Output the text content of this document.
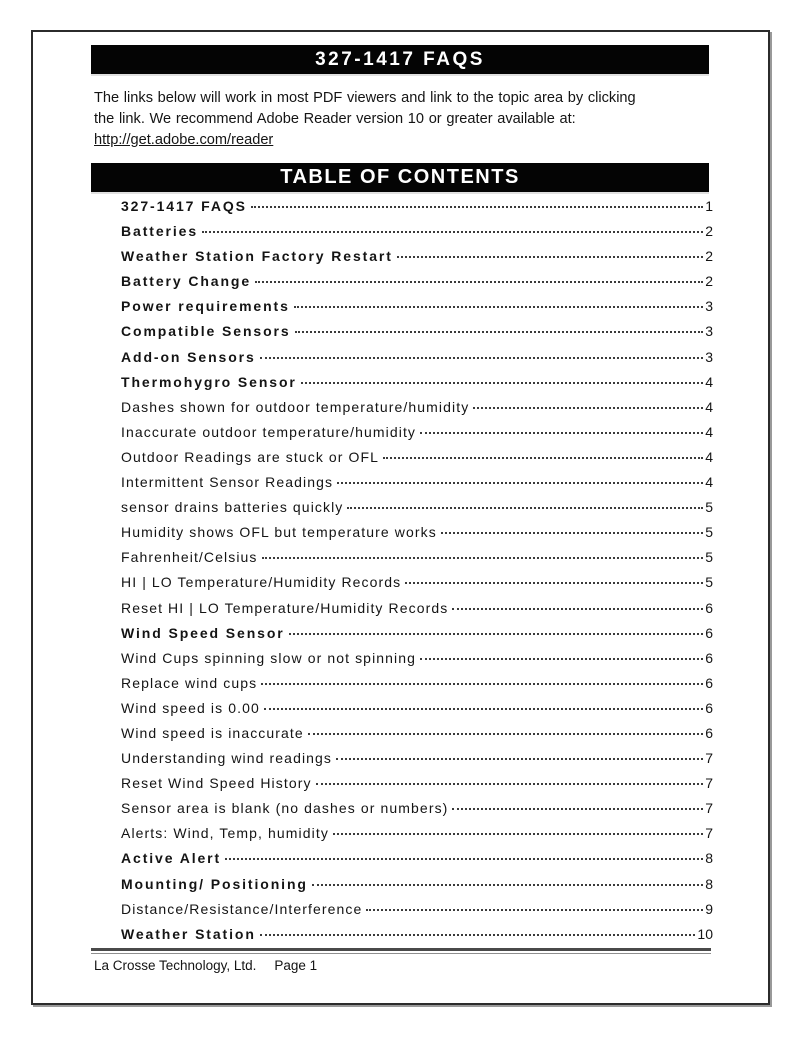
327-1417 FAQS
The links below will work in most PDF viewers and link to the topic area by clicking
the link. We recommend Adobe Reader version 10 or greater available at:
http://get.adobe.com/reader
TABLE OF CONTENTS
327-1417 FAQS	1
Batteries	2
Weather Station Factory Restart	2
Battery Change	2
Power requirements	3
Compatible Sensors	3
Add-on Sensors	3
Thermohygro Sensor	4
Dashes shown for outdoor temperature/humidity	4
Inaccurate outdoor temperature/humidity	4
Outdoor Readings are stuck or OFL	4
Intermittent Sensor Readings	4
sensor drains batteries quickly	5
Humidity shows OFL but temperature works	5
Fahrenheit/Celsius	5
HI | LO Temperature/Humidity Records	5
Reset HI | LO Temperature/Humidity Records	6
Wind Speed Sensor	6
Wind Cups spinning slow or not spinning	6
Replace wind cups	6
Wind speed is 0.00	6
Wind speed is inaccurate	6
Understanding wind readings	7
Reset Wind Speed History	7
Sensor area is blank (no dashes or numbers)	7
Alerts: Wind, Temp, humidity	7
Active Alert	8
Mounting/ Positioning	8
Distance/Resistance/Interference	9
Weather Station	10
La Crosse Technology, Ltd. Page 1
